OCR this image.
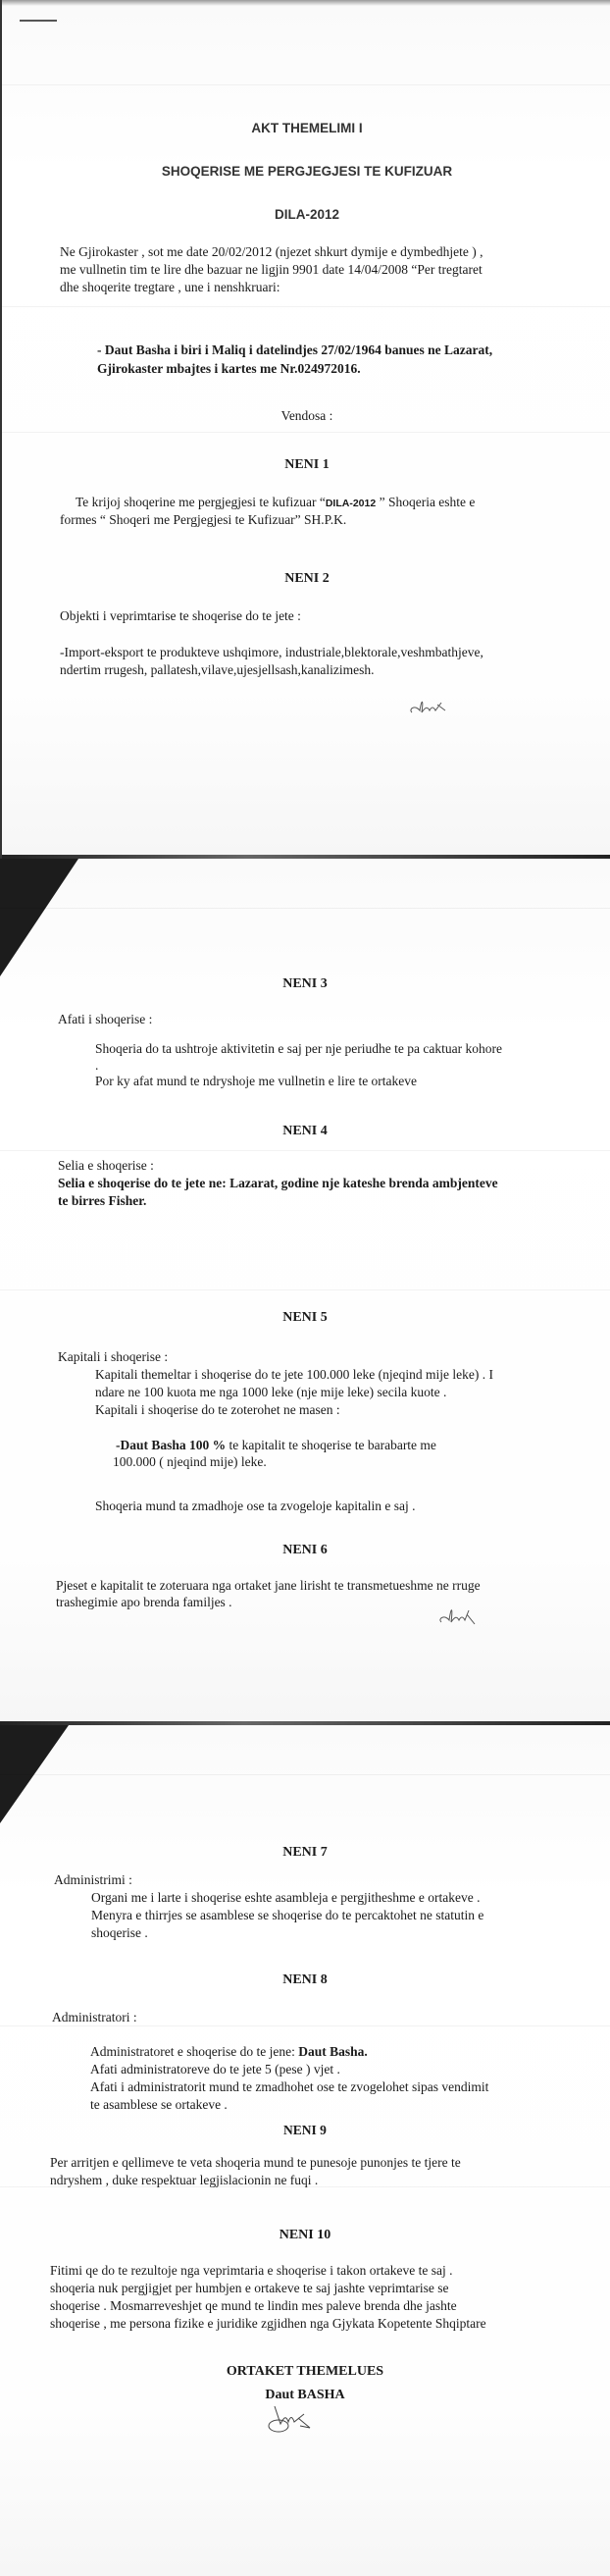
AKT THEMELIMI I
SHOQERISE ME PERGJEGJESI TE KUFIZUAR
DILA-2012
Ne Gjirokaster , sot me date 20/02/2012 (njezet shkurt dymije e dymbedhjete ) ,
me vullnetin tim te lire dhe bazuar ne ligjin 9901 date 14/04/2008 “Per tregtaret
dhe shoqerite tregtare , une i nenshkruari:
- Daut Basha i biri i Maliq i datelindjes 27/02/1964 banues ne Lazarat,
Gjirokaster mbajtes i kartes me Nr.024972016.
Vendosa :
NENI 1
Te krijoj shoqerine me pergjegjesi te kufizuar “DILA-2012 ” Shoqeria eshte e
formes “ Shoqeri me Pergjegjesi te Kufizuar” SH.P.K.
NENI 2
Objekti i veprimtarise te shoqerise do te jete :
-Import-eksport te produkteve ushqimore, industriale,blektorale,veshmbathjeve,
ndertim rrugesh, pallatesh,vilave,ujesjellsash,kanalizimesh.
NENI 3
Afati i shoqerise :
Shoqeria do ta ushtroje aktivitetin e saj per nje periudhe te pa caktuar kohore
.
Por ky afat mund te ndryshoje me vullnetin e lire te ortakeve
NENI 4
Selia e shoqerise :
Selia e shoqerise do te jete ne: Lazarat, godine nje kateshe brenda ambjenteve
te birres Fisher.
NENI 5
Kapitali i shoqerise :
Kapitali themeltar i shoqerise do te jete 100.000 leke (njeqind mije leke) . I
ndare ne 100 kuota me nga 1000 leke (nje mije leke) secila kuote .
Kapitali i shoqerise do te zoterohet ne masen :
-Daut Basha 100 % te kapitalit te shoqerise te barabarte me
100.000 ( njeqind mije) leke.
Shoqeria mund ta zmadhoje ose ta zvogeloje kapitalin e saj .
NENI 6
Pjeset e kapitalit te zoteruara nga ortaket jane lirisht te transmetueshme ne rruge
trashegimie apo brenda familjes .
NENI 7
Administrimi :
Organi me i larte i shoqerise eshte asambleja e pergjitheshme e ortakeve .
Menyra e thirrjes se asamblese se shoqerise do te percaktohet ne statutin e
shoqerise .
NENI 8
Administratori :
Administratoret e shoqerise do te jene: Daut Basha.
Afati administratoreve do te jete 5 (pese ) vjet .
Afati i administratorit mund te zmadhohet ose te zvogelohet sipas vendimit
te asamblese se ortakeve .
NENI 9
Per arritjen e qellimeve te veta shoqeria mund te punesoje punonjes te tjere te
ndryshem , duke respektuar legjislacionin ne fuqi .
NENI 10
Fitimi qe do te rezultoje nga veprimtaria e shoqerise i takon ortakeve te saj .
shoqeria nuk pergjigjet per humbjen e ortakeve te saj jashte veprimtarise se
shoqerise . Mosmarreveshjet qe mund te lindin mes paleve brenda dhe jashte
shoqerise , me persona fizike e juridike zgjidhen nga Gjykata Kopetente Shqiptare
ORTAKET THEMELUES
Daut BASHA
